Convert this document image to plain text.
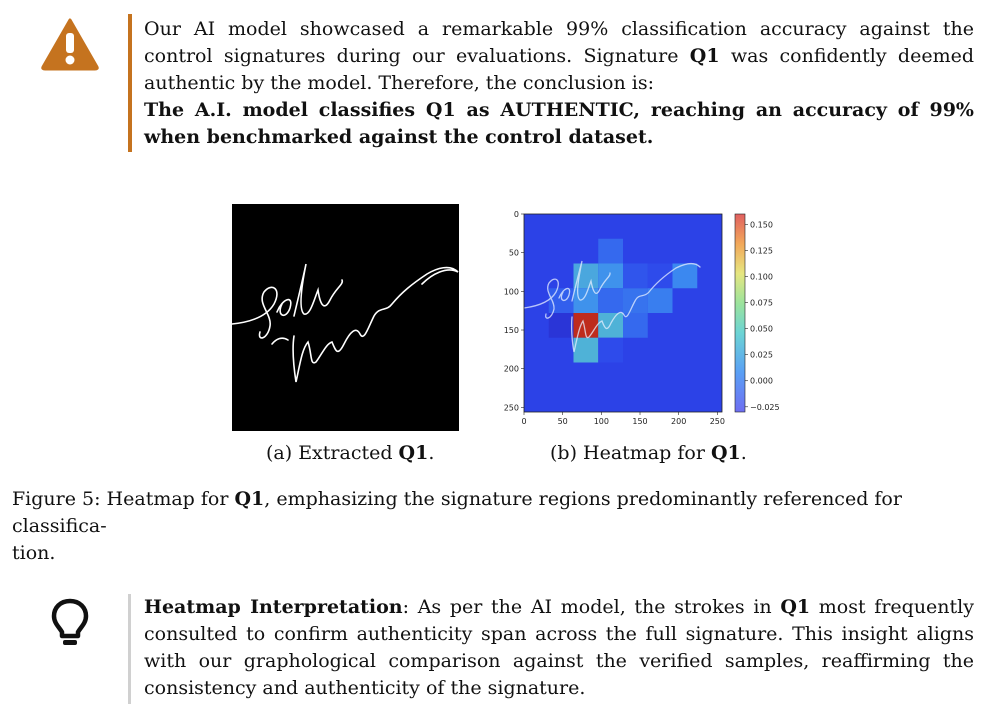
Our AI model showcased a remarkable 99% classification accuracy against the control signatures during our evaluations. Signature Q1 was confidently deemed authentic by the model. Therefore, the conclusion is:
The A.I. model classifies Q1 as AUTHENTIC, reaching an accuracy of 99% when benchmarked against the control dataset.
0
50
100
150
200
250
0	50	100	150	200	250
0.150
0.125
0.100
0.075
0.050
0.025
0.000
−0.025
(a) Extracted Q1.	(b) Heatmap for Q1.
Figure 5: Heatmap for Q1, emphasizing the signature regions predominantly referenced for classifica-
tion.
Heatmap Interpretation: As per the AI model, the strokes in Q1 most frequently consulted to confirm authenticity span across the full signature. This insight aligns with our graphological comparison against the verified samples, reaffirming the consistency and authenticity of the signature.
